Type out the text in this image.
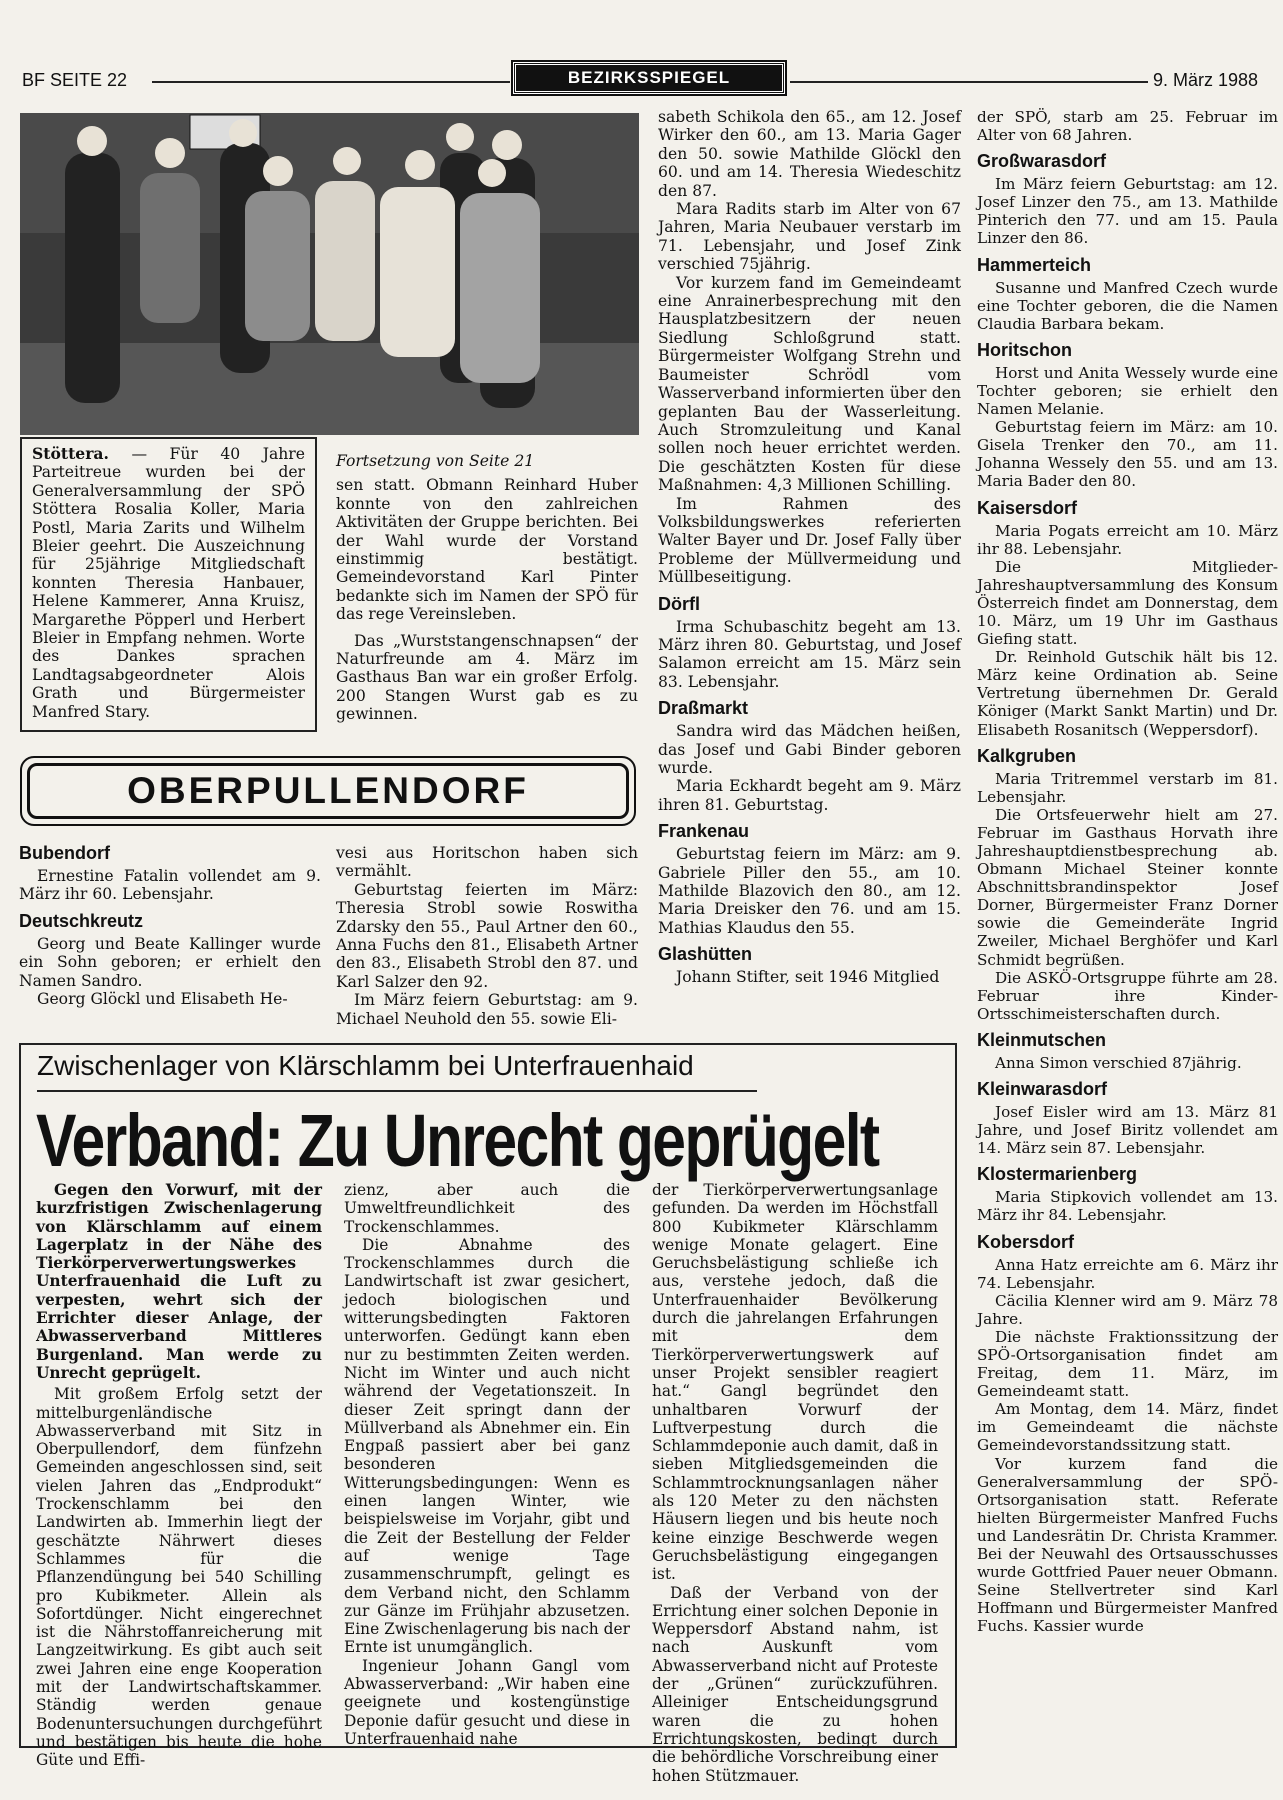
BF SEITE 22	BEZIRKSSPIEGEL	9. März 1988
Stöttera. — Für 40 Jahre Parteitreue wurden bei der Generalversammlung der SPÖ Stöttera Rosalia Koller, Maria Postl, Maria Zarits und Wilhelm Bleier geehrt. Die Auszeichnung für 25jährige Mitgliedschaft konnten Theresia Hanbauer, Helene Kammerer, Anna Kruisz, Margarethe Pöpperl und Herbert Bleier in Empfang nehmen. Worte des Dankes sprachen Landtagsabgeordneter Alois Grath und Bürgermeister Manfred Stary.

Fortsetzung von Seite 21

sen statt. Obmann Reinhard Huber konnte von den zahlreichen Aktivitäten der Gruppe berichten. Bei der Wahl wurde der Vorstand einstimmig bestätigt. Gemeindevorstand Karl Pinter bedankte sich im Namen der SPÖ für das rege Vereinsleben.

Das „Wurststangenschnapsen“ der Naturfreunde am 4. März im Gasthaus Ban war ein großer Erfolg. 200 Stangen Wurst gab es zu gewinnen.

sabeth Schikola den 65., am 12. Josef Wirker den 60., am 13. Maria Gager den 50. sowie Mathilde Glöckl den 60. und am 14. Theresia Wiedeschitz den 87.

Mara Radits starb im Alter von 67 Jahren, Maria Neubauer verstarb im 71. Lebensjahr, und Josef Zink verschied 75jährig.

Vor kurzem fand im Gemeindeamt eine Anrainerbesprechung mit den Hausplatzbesitzern der neuen Siedlung Schloßgrund statt. Bürgermeister Wolfgang Strehn und Baumeister Schrödl vom Wasserverband informierten über den geplanten Bau der Wasserleitung. Auch Stromzuleitung und Kanal sollen noch heuer errichtet werden. Die geschätzten Kosten für diese Maßnahmen: 4,3 Millionen Schilling.

Im Rahmen des Volksbildungswerkes referierten Walter Bayer und Dr. Josef Fally über Probleme der Müllvermeidung und Müllbeseitigung.

Dörfl

Irma Schubaschitz begeht am 13. März ihren 80. Geburtstag, und Josef Salamon erreicht am 15. März sein 83. Lebensjahr.

Draßmarkt

Sandra wird das Mädchen heißen, das Josef und Gabi Binder geboren wurde.

Maria Eckhardt begeht am 9. März ihren 81. Geburtstag.

Frankenau

Geburtstag feiern im März: am 9. Gabriele Piller den 55., am 10. Mathilde Blazovich den 80., am 12. Maria Dreisker den 76. und am 15. Mathias Klaudus den 55.

Glashütten

Johann Stifter, seit 1946 Mitglied

der SPÖ, starb am 25. Februar im Alter von 68 Jahren.

Großwarasdorf

Im März feiern Geburtstag: am 12. Josef Linzer den 75., am 13. Mathilde Pinterich den 77. und am 15. Paula Linzer den 86.

Hammerteich

Susanne und Manfred Czech wurde eine Tochter geboren, die die Namen Claudia Barbara bekam.

Horitschon

Horst und Anita Wessely wurde eine Tochter geboren; sie erhielt den Namen Melanie.

Geburtstag feiern im März: am 10. Gisela Trenker den 70., am 11. Johanna Wessely den 55. und am 13. Maria Bader den 80.

Kaisersdorf

Maria Pogats erreicht am 10. März ihr 88. Lebensjahr.

Die Mitglieder-Jahreshauptversammlung des Konsum Österreich findet am Donnerstag, dem 10. März, um 19 Uhr im Gasthaus Giefing statt.

Dr. Reinhold Gutschik hält bis 12. März keine Ordination ab. Seine Vertretung übernehmen Dr. Gerald Königer (Markt Sankt Martin) und Dr. Elisabeth Rosanitsch (Weppersdorf).

Kalkgruben

Maria Tritremmel verstarb im 81. Lebensjahr.

Die Ortsfeuerwehr hielt am 27. Februar im Gasthaus Horvath ihre Jahreshauptdienstbesprechung ab. Obmann Michael Steiner konnte Abschnittsbrandinspektor Josef Dorner, Bürgermeister Franz Dorner sowie die Gemeinderäte Ingrid Zweiler, Michael Berghöfer und Karl Schmidt begrüßen.

Die ASKÖ-Ortsgruppe führte am 28. Februar ihre Kinder-Ortsschimeisterschaften durch.

Kleinmutschen

Anna Simon verschied 87jährig.

Kleinwarasdorf

Josef Eisler wird am 13. März 81 Jahre, und Josef Biritz vollendet am 14. März sein 87. Lebensjahr.

Klostermarienberg

Maria Stipkovich vollendet am 13. März ihr 84. Lebensjahr.

Kobersdorf

Anna Hatz erreichte am 6. März ihr 74. Lebensjahr.

Cäcilia Klenner wird am 9. März 78 Jahre.

Die nächste Fraktionssitzung der SPÖ-Ortsorganisation findet am Freitag, dem 11. März, im Gemeindeamt statt.

Am Montag, dem 14. März, findet im Gemeindeamt die nächste Gemeindevorstandssitzung statt.

Vor kurzem fand die Generalversammlung der SPÖ-Ortsorganisation statt. Referate hielten Bürgermeister Manfred Fuchs und Landesrätin Dr. Christa Krammer. Bei der Neuwahl des Ortsausschusses wurde Gottfried Pauer neuer Obmann. Seine Stellvertreter sind Karl Hoffmann und Bürgermeister Manfred Fuchs. Kassier wurde

OBERPULLENDORF
Bubendorf

Ernestine Fatalin vollendet am 9. März ihr 60. Lebensjahr.

Deutschkreutz

Georg und Beate Kallinger wurde ein Sohn geboren; er erhielt den Namen Sandro.

Georg Glöckl und Elisabeth He-

vesi aus Horitschon haben sich vermählt.

Geburtstag feierten im März: Theresia Strobl sowie Roswitha Zdarsky den 55., Paul Artner den 60., Anna Fuchs den 81., Elisabeth Artner den 83., Elisabeth Strobl den 87. und Karl Salzer den 92.

Im März feiern Geburtstag: am 9. Michael Neuhold den 55. sowie Eli-

Zwischenlager von Klärschlamm bei Unterfrauenhaid
Verband: Zu Unrecht geprügelt

Gegen den Vorwurf, mit der kurzfristigen Zwischenlagerung von Klärschlamm auf einem Lagerplatz in der Nähe des Tierkörperverwertungswerkes Unterfrauenhaid die Luft zu verpesten, wehrt sich der Errichter dieser Anlage, der Abwasserverband Mittleres Burgenland. Man werde zu Unrecht geprügelt.

Mit großem Erfolg setzt der mittelburgenländische Abwasserverband mit Sitz in Oberpullendorf, dem fünfzehn Gemeinden angeschlossen sind, seit vielen Jahren das „Endprodukt“ Trockenschlamm bei den Landwirten ab. Immerhin liegt der geschätzte Nährwert dieses Schlammes für die Pflanzendüngung bei 540 Schilling pro Kubikmeter. Allein als Sofortdünger. Nicht eingerechnet ist die Nährstoffanreicherung mit Langzeitwirkung. Es gibt auch seit zwei Jahren eine enge Kooperation mit der Landwirtschaftskammer. Ständig werden genaue Bodenuntersuchungen durchgeführt und bestätigen bis heute die hohe Güte und Effi-

zienz, aber auch die Umweltfreundlichkeit des Trockenschlammes.

Die Abnahme des Trockenschlammes durch die Landwirtschaft ist zwar gesichert, jedoch biologischen und witterungsbedingten Faktoren unterworfen. Gedüngt kann eben nur zu bestimmten Zeiten werden. Nicht im Winter und auch nicht während der Vegetationszeit. In dieser Zeit springt dann der Müllverband als Abnehmer ein. Ein Engpaß passiert aber bei ganz besonderen Witterungsbedingungen: Wenn es einen langen Winter, wie beispielsweise im Vorjahr, gibt und die Zeit der Bestellung der Felder auf wenige Tage zusammenschrumpft, gelingt es dem Verband nicht, den Schlamm zur Gänze im Frühjahr abzusetzen. Eine Zwischenlagerung bis nach der Ernte ist unumgänglich.

Ingenieur Johann Gangl vom Abwasserverband: „Wir haben eine geeignete und kostengünstige Deponie dafür gesucht und diese in Unterfrauenhaid nahe

der Tierkörperverwertungsanlage gefunden. Da werden im Höchstfall 800 Kubikmeter Klärschlamm wenige Monate gelagert. Eine Geruchsbelästigung schließe ich aus, verstehe jedoch, daß die Unterfrauenhaider Bevölkerung durch die jahrelangen Erfahrungen mit dem Tierkörperverwertungswerk auf unser Projekt sensibler reagiert hat.“ Gangl begründet den unhaltbaren Vorwurf der Luftverpestung durch die Schlammdeponie auch damit, daß in sieben Mitgliedsgemeinden die Schlammtrocknungsanlagen näher als 120 Meter zu den nächsten Häusern liegen und bis heute noch keine einzige Beschwerde wegen Geruchsbelästigung eingegangen ist.

Daß der Verband von der Errichtung einer solchen Deponie in Weppersdorf Abstand nahm, ist nach Auskunft vom Abwasserverband nicht auf Proteste der „Grünen“ zurückzuführen. Alleiniger Entscheidungsgrund waren die zu hohen Errichtungskosten, bedingt durch die behördliche Vorschreibung einer hohen Stützmauer.
